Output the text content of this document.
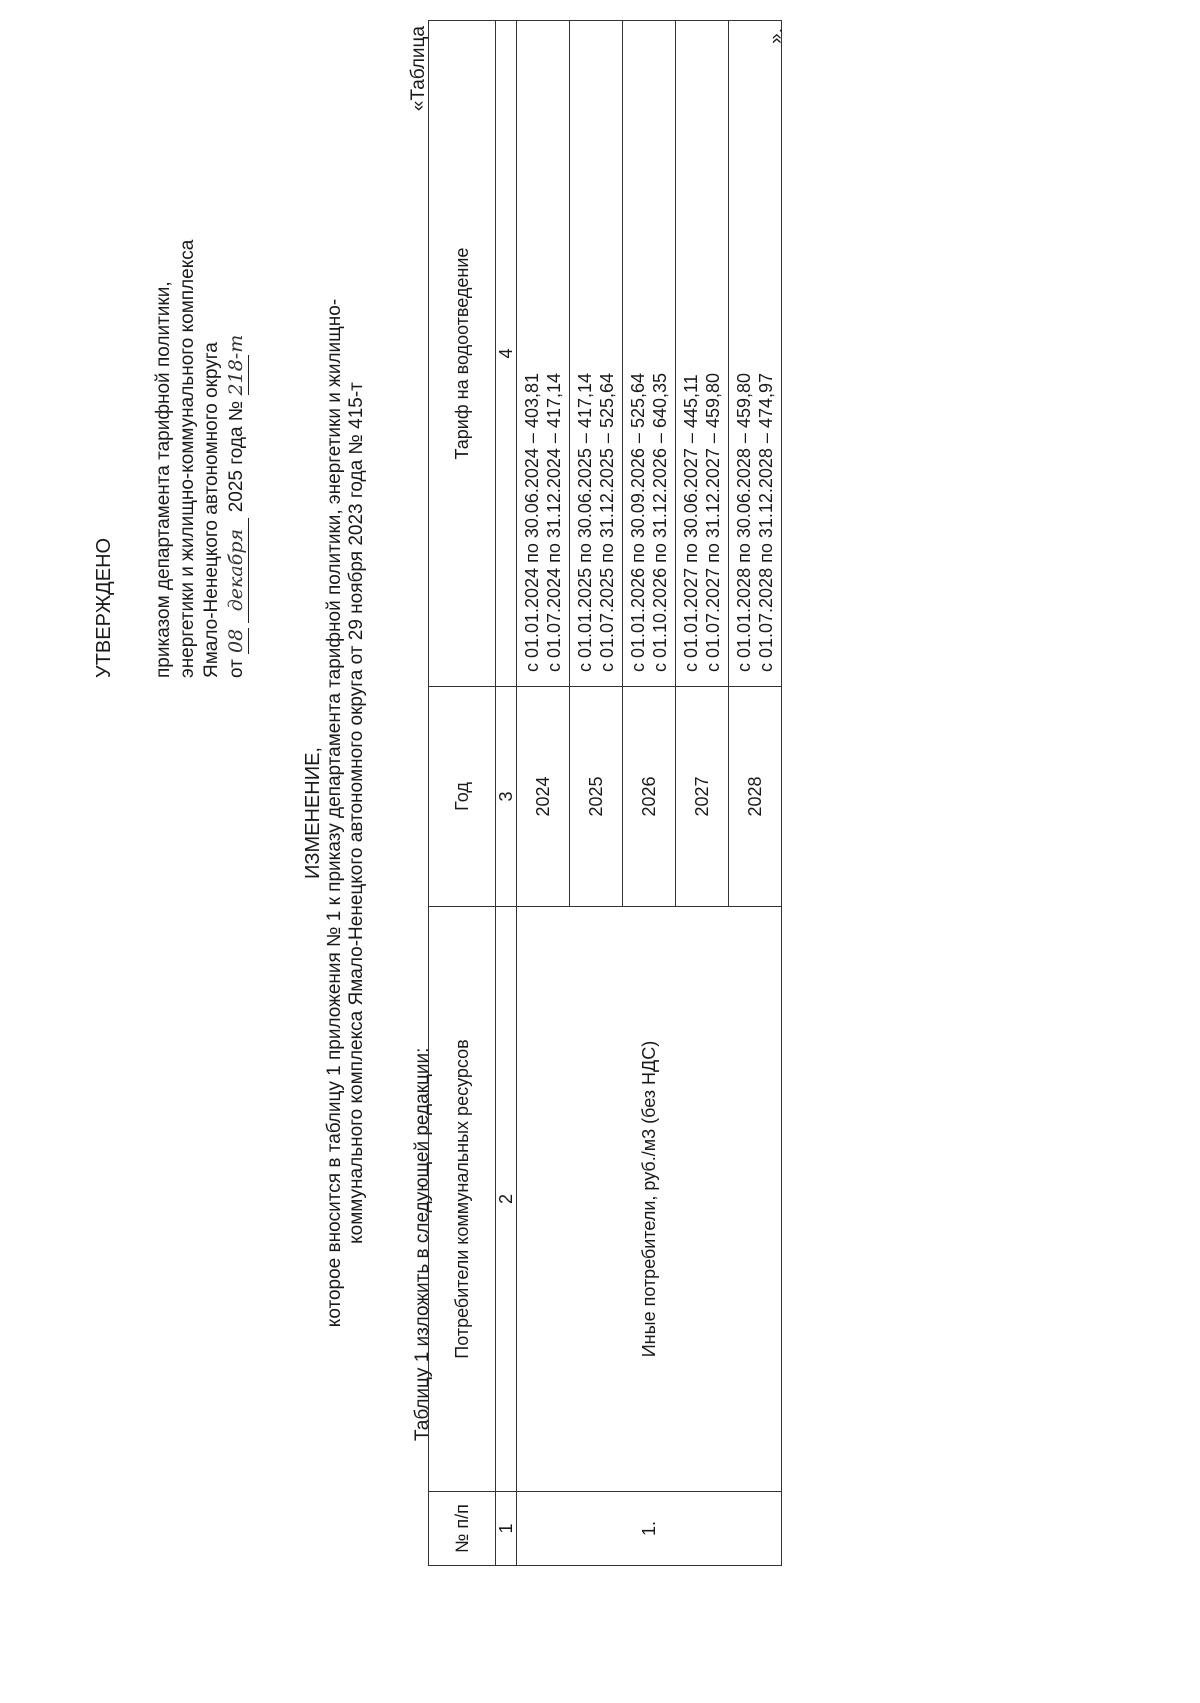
УТВЕРЖДЕНО приказом департамента тарифной политики, энергетики и жилищно-коммунального комплекса Ямало-Ненецкого автономного округа от 08 декабря 2025 года № 218-т
ИЗМЕНЕНИЕ, которое вносится в таблицу 1 приложения № 1 к приказу департамента тарифной политики, энергетики и жилищно-коммунального комплекса Ямало-Ненецкого автономного округа от 29 ноября 2023 года № 415-т
Таблицу 1 изложить в следующей редакции:
«Таблица
№ п/п	Потребители коммунальных ресурсов	Год	Тариф на водоотведение
1	2	3	4
1.	Иные потребители, руб./м3 (без НДС)	2024	с 01.01.2024 по 30.06.2024 – 403,81 с 01.07.2024 по 31.12.2024 – 417,14

		2025	с 01.01.2025 по 30.06.2025 – 417,14 с 01.07.2025 по 31.12.2025 – 525,64

		2026	с 01.01.2026 по 30.09.2026 – 525,64 с 01.10.2026 по 31.12.2026 – 640,35

		2027	с 01.01.2027 по 30.06.2027 – 445,11 с 01.07.2027 по 31.12.2027 – 459,80

		2028	с 01.01.2028 по 30.06.2028 – 459,80 с 01.07.2028 по 31.12.2028 – 474,97
».
